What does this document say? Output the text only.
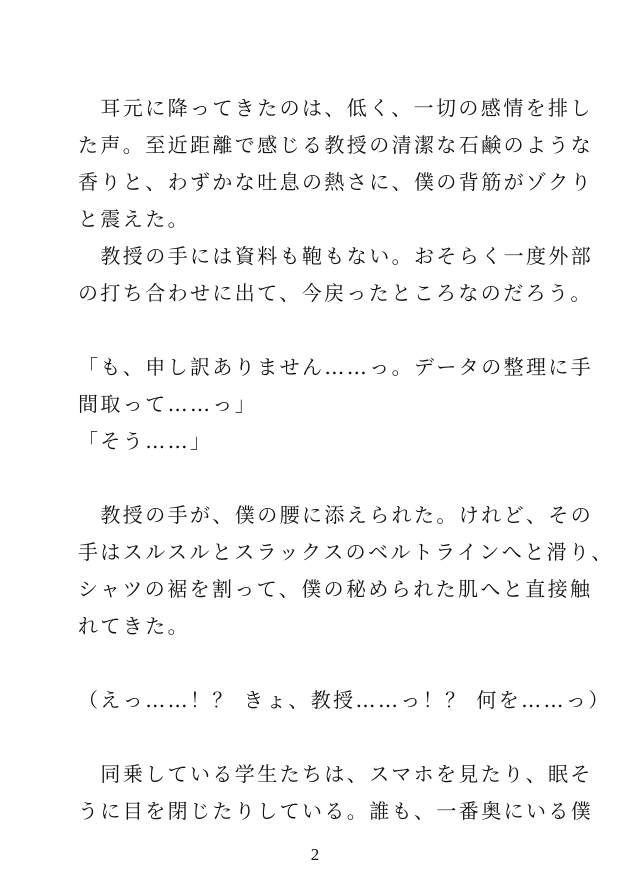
　耳元に降ってきたのは、低く、一切の感情を排し
た声。至近距離で感じる教授の清潔な石鹸のような
香りと、わずかな吐息の熱さに、僕の背筋がゾクり
と震えた。
　教授の手には資料も鞄もない。おそらく一度外部
の打ち合わせに出て、今戻ったところなのだろう。
「も、申し訳ありません……っ。データの整理に手
間取って……っ」
「そう……」
　教授の手が、僕の腰に添えられた。けれど、その
手はスルスルとスラックスのベルトラインへと滑り、
シャツの裾を割って、僕の秘められた肌へと直接触
れてきた。
（えっ……！？ きょ、教授……っ！？ 何を……っ）
　同乗している学生たちは、スマホを見たり、眠そ
うに目を閉じたりしている。誰も、一番奥にいる僕
2
